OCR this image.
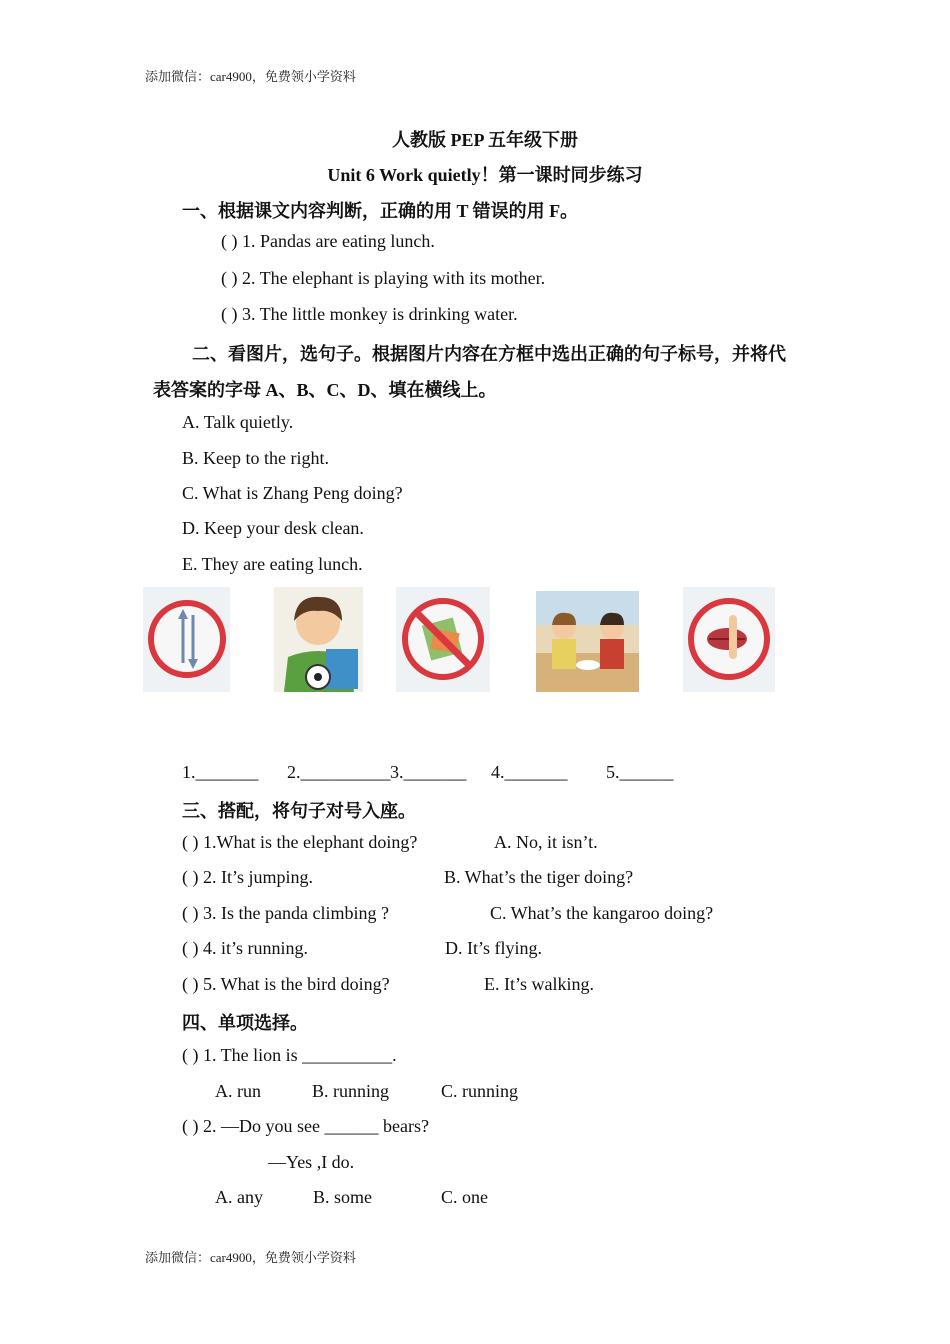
添加微信：car4900，免费领小学资料
人教版 PEP 五年级下册
Unit 6 Work quietly！第一课时同步练习
一、根据课文内容判断，正确的用 T 错误的用 F。
( ) 1. Pandas are eating lunch.
( ) 2. The elephant is playing with its mother.
( ) 3. The little monkey is drinking water.
二、看图片，选句子。根据图片内容在方框中选出正确的句子标号，并将代
表答案的字母 A、B、C、D、填在横线上。
A. Talk quietly.
B. Keep to the right.
C. What is Zhang Peng doing?
D. Keep your desk clean.
E. They are eating lunch.
1._______ 2.__________ 3._______ 4._______ 5.______
三、搭配，将句子对号入座。
( ) 1.What is the elephant doing?	A. No, it isn’t.
( ) 2. It’s jumping.	B. What’s the tiger doing?
( ) 3. Is the panda climbing ?	C. What’s the kangaroo doing?
( ) 4. it’s running.	D. It’s flying.
( ) 5. What is the bird doing?	E. It’s walking.
四、单项选择。
( ) 1. The lion is __________.
A. run	B. running	C. running
( ) 2. —Do you see ______ bears?
—Yes ,I do.
A. any	B. some	C. one
添加微信：car4900，免费领小学资料
